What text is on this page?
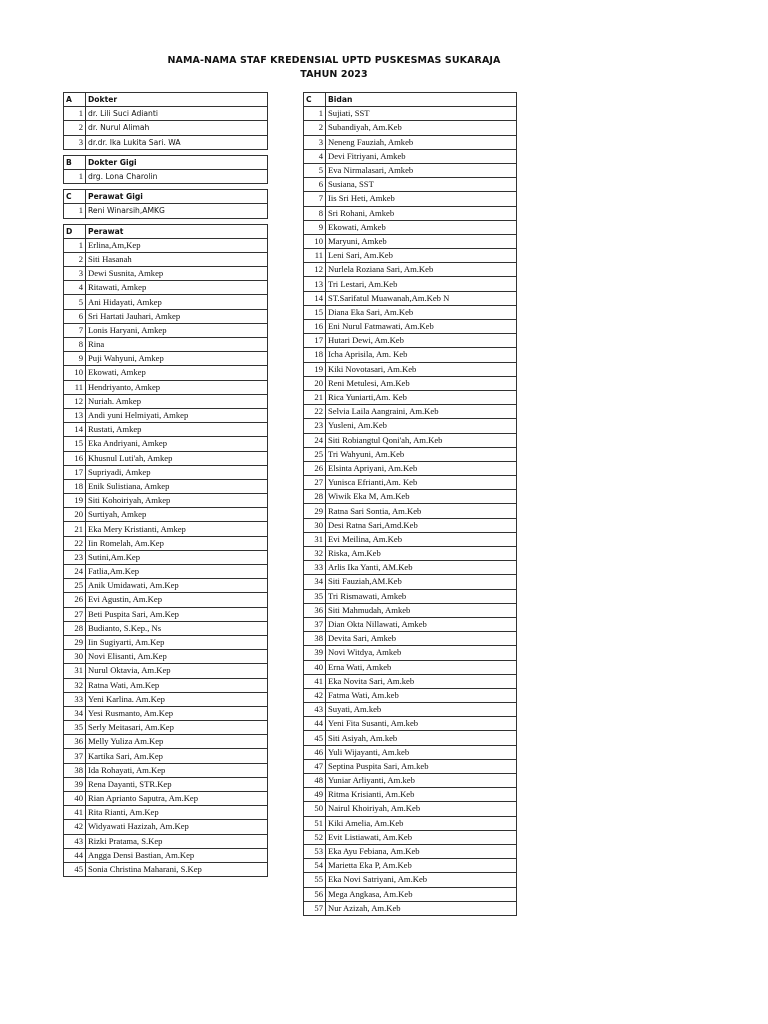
NAMA-NAMA STAF KREDENSIAL UPTD PUSKESMAS SUKARAJA
TAHUN 2023
A	Dokter
1	dr. Lili Suci Adianti
2	dr. Nurul Alimah
3	dr.dr. Ika Lukita Sari. WA

B	Dokter Gigi
1	drg. Lona Charolin

C	Perawat Gigi
1	Reni Winarsih,AMKG

D	Perawat
1	Erlina,Am,Kep
2	Siti Hasanah
3	Dewi Susnita, Amkep
4	Ritawati, Amkep
5	Ani Hidayati, Amkep
6	Sri Hartati Jauhari, Amkep
7	Lonis Haryani, Amkep
8	Rina
9	Puji Wahyuni, Amkep
10	Ekowati, Amkep
11	Hendriyanto, Amkep
12	Nuriah. Amkep
13	Andi yuni Helmiyati, Amkep
14	Rustati, Amkep
15	Eka Andriyani, Amkep
16	Khusnul Luti'ah, Amkep
17	Supriyadi, Amkep
18	Enik Sulistiana, Amkep
19	Siti Kohoiriyah, Amkep
20	Surtiyah, Amkep
21	Eka Mery Kristianti, Amkep
22	Iin Romelah, Am.Kep
23	Sutini,Am.Kep
24	Fatlia,Am.Kep
25	Anik Umidawati, Am.Kep
26	Evi Agustin, Am.Kep
27	Beti Puspita Sari, Am.Kep
28	Budianto, S.Kep., Ns
29	Iin Sugiyarti, Am.Kep
30	Novi Elisanti, Am.Kep
31	Nurul Oktavia, Am.Kep
32	Ratna Wati, Am.Kep
33	Yeni Karlina. Am.Kep
34	Yesi Rusmanto, Am.Kep
35	Serly Meitasari, Am.Kep
36	Melly Yuliza Am.Kep
37	Kartika Sari, Am.Kep
38	Ida Rohayati, Am.Kep
39	Rena Dayanti, STR.Kep
40	Rian Aprianto Saputra, Am.Kep
41	Rita Rianti, Am.Kep
42	Widyawati Hazizah, Am.Kep
43	Rizki Pratama, S.Kep
44	Angga Densi Bastian, Am.Kep
45	Sonia Christina Maharani, S.Kep
C	Bidan
1	Sujiati, SST
2	Subandiyah, Am.Keb
3	Neneng Fauziah, Amkeb
4	Devi Fitriyani, Amkeb
5	Eva Nirmalasari, Amkeb
6	Susiana, SST
7	Iis Sri Heti, Amkeb
8	Sri Rohani, Amkeb
9	Ekowati, Amkeb
10	Maryuni, Amkeb
11	Leni Sari, Am.Keb
12	Nurlela Roziana Sari, Am.Keb
13	Tri Lestari, Am.Keb
14	ST.Sarifatul Muawanah,Am.Keb N
15	Diana Eka Sari, Am.Keb
16	Eni Nurul Fatmawati, Am.Keb
17	Hutari Dewi, Am.Keb
18	Icha Aprisila, Am. Keb
19	Kiki Novotasari, Am.Keb
20	Reni Metulesi, Am.Keb
21	Rica Yuniarti,Am. Keb
22	Selvia Laila Aangraini, Am.Keb
23	Yusleni, Am.Keb
24	Siti Robiangtul Qoni'ah, Am.Keb
25	Tri Wahyuni, Am.Keb
26	Elsinta Apriyani, Am.Keb
27	Yunisca Efrianti,Am. Keb
28	Wiwik Eka M, Am.Keb
29	Ratna Sari Sontia, Am.Keb
30	Desi Ratna Sari,Amd.Keb
31	Evi Meilina, Am.Keb
32	Riska, Am.Keb
33	Arlis Ika Yanti, AM.Keb
34	Siti Fauziah,AM.Keb
35	Tri Rismawati, Amkeb
36	Siti Mahmudah, Amkeb
37	Dian Okta Nillawati, Amkeb
38	Devita Sari, Amkeb
39	Novi Witdya, Amkeb
40	Erna Wati, Amkeb
41	Eka Novita Sari, Am.keb
42	Fatma Wati, Am.keb
43	Suyati, Am.keb
44	Yeni Fita Susanti, Am.keb
45	Siti Asiyah, Am.keb
46	Yuli Wijayanti, Am.keb
47	Septina Puspita Sari, Am.keb
48	Yuniar Arliyanti, Am.keb
49	Ritma Krisianti, Am.Keb
50	Nairul Khoiriyah, Am.Keb
51	Kiki Amelia, Am.Keb
52	Evit Listiawati, Am.Keb
53	Eka Ayu Febiana, Am.Keb
54	Marietta Eka P, Am.Keb
55	Eka Novi Satriyani, Am.Keb
56	Mega Angkasa, Am.Keb
57	Nur Azizah, Am.Keb
